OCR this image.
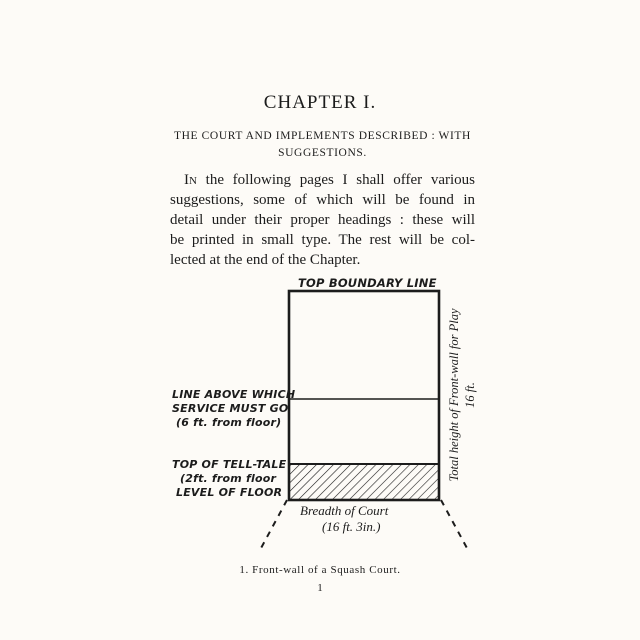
CHAPTER I.
THE COURT AND IMPLEMENTS DESCRIBED : WITH
SUGGESTIONS.
In the following pages I shall offer various
suggestions, some of which will be found in
detail under their proper headings : these will
be printed in small type. The rest will be col-
lected at the end of the Chapter.
TOP BOUNDARY LINE
LINE ABOVE WHICH
SERVICE MUST GO
(6 ft. from floor)
TOP OF TELL-TALE
(2ft. from floor
LEVEL OF FLOOR
Breadth of Court
(16 ft. 3in.)
Total height of Front-wall for Play 16 ft.
1. Front-wall of a Squash Court.
1
